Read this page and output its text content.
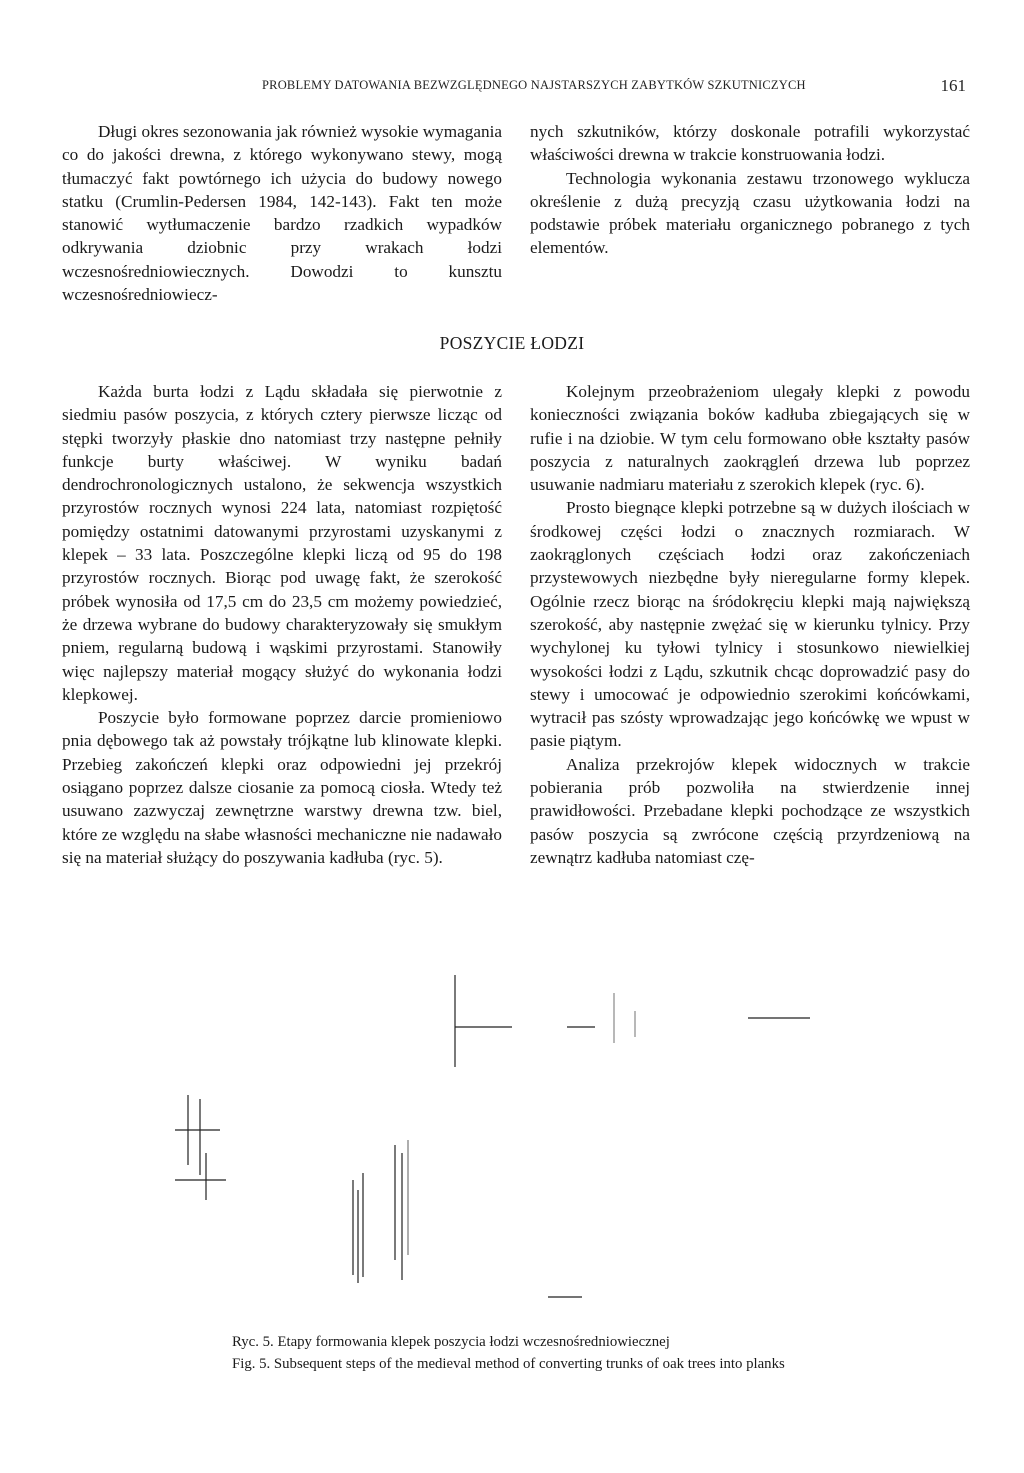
PROBLEMY DATOWANIA BEZWZGLĘDNEGO NAJSTARSZYCH ZABYTKÓW SZKUTNICZYCH	161

Długi okres sezonowania jak również wysokie wymagania co do jakości drewna, z którego wykonywano stewy, mogą tłumaczyć fakt powtórnego ich użycia do budowy nowego statku (Crumlin-Pedersen 1984, 142-143). Fakt ten może stanowić wytłumaczenie bardzo rzadkich wypadków odkrywania dziobnic przy wrakach łodzi wczesnośredniowiecznych. Dowodzi to kunsztu wczesnośredniowiecz-

nych szkutników, którzy doskonale potrafili wykorzystać właściwości drewna w trakcie konstruowania łodzi.

Technologia wykonania zestawu trzonowego wyklucza określenie z dużą precyzją czasu użytkowania łodzi na podstawie próbek materiału organicznego pobranego z tych elementów.

POSZYCIE ŁODZI

Każda burta łodzi z Lądu składała się pierwotnie z siedmiu pasów poszycia, z których cztery pierwsze licząc od stępki tworzyły płaskie dno natomiast trzy następne pełniły funkcje burty właściwej. W wyniku badań dendrochronologicznych ustalono, że sekwencja wszystkich przyrostów rocznych wynosi 224 lata, natomiast rozpiętość pomiędzy ostatnimi datowanymi przyrostami uzyskanymi z klepek – 33 lata. Poszczególne klepki liczą od 95 do 198 przyrostów rocznych. Biorąc pod uwagę fakt, że szerokość próbek wynosiła od 17,5 cm do 23,5 cm możemy powiedzieć, że drzewa wybrane do budowy charakteryzowały się smukłym pniem, regularną budową i wąskimi przyrostami. Stanowiły więc najlepszy materiał mogący służyć do wykonania łodzi klepkowej.

Poszycie było formowane poprzez darcie promieniowo pnia dębowego tak aż powstały trójkątne lub klinowate klepki. Przebieg zakończeń klepki oraz odpowiedni jej przekrój osiągano poprzez dalsze ciosanie za pomocą ciosła. Wtedy też usuwano zazwyczaj zewnętrzne warstwy drewna tzw. biel, które ze względu na słabe własności mechaniczne nie nadawało się na materiał służący do poszywania kadłuba (ryc. 5).

Kolejnym przeobrażeniom ulegały klepki z powodu konieczności związania boków kadłuba zbiegających się w rufie i na dziobie. W tym celu formowano obłe kształty pasów poszycia z naturalnych zaokrągleń drzewa lub poprzez usuwanie nadmiaru materiału z szerokich klepek (ryc. 6).

Prosto biegnące klepki potrzebne są w dużych ilościach w środkowej części łodzi o znacznych rozmiarach. W zaokrąglonych częściach łodzi oraz zakończeniach przystewowych niezbędne były nieregularne formy klepek. Ogólnie rzecz biorąc na śródokręciu klepki mają największą szerokość, aby następnie zwężać się w kierunku tylnicy. Przy wychylonej ku tyłowi tylnicy i stosunkowo niewielkiej wysokości łodzi z Lądu, szkutnik chcąc doprowadzić pasy do stewy i umocować je odpowiednio szerokimi końcówkami, wytracił pas szósty wprowadzając jego końcówkę we wpust w pasie piątym.

Analiza przekrojów klepek widocznych w trakcie pobierania prób pozwoliła na stwierdzenie innej prawidłowości. Przebadane klepki pochodzące ze wszystkich pasów poszycia są zwrócone częścią przyrdzeniową na zewnątrz kadłuba natomiast czę-

Ryc. 5. Etapy formowania klepek poszycia łodzi wczesnośredniowiecznej
Fig. 5. Subsequent steps of the medieval method of converting trunks of oak trees into planks
